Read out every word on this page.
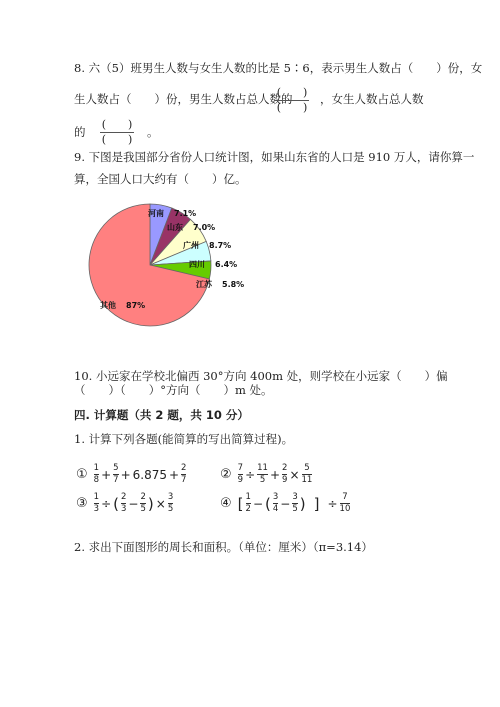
8. 六（5）班男生人数与女生人数的比是 5∶6，表示男生人数占（　　）份，女
生人数占（　　）份，男生人数占总人数的
(　　)
(　　)
，女生人数占总人数
的
(　　)
(　　)
。
9. 下图是我国部分省份人口统计图，如果山东省的人口是 910 万人，请你算一
算，全国人口大约有（　　）亿。
河南 7.1%
山东 7.0%
广州 8.7%
四川 6.4%
江苏 5.8%
其他 87%
10. 小远家在学校北偏西 30°方向 400m 处，则学校在小远家（　　）偏
（　　）（　　）°方向（　　）m 处。
四. 计算题（共 2 题，共 10 分）
1. 计算下列各题(能简算的写出简算过程)。
① $\frac{1}{8} + \frac{5}{7} + 6.875 + \frac{2}{7}$	② $\frac{7}{9} \div \frac{11}{5} + \frac{2}{9} \times \frac{5}{11}$
③ $\frac{1}{3}$ ÷ ( $\frac{2}{3} - \frac{2}{5}$ ) × $\frac{3}{5}$	④ [ $\frac{1}{2}$ − ( $\frac{3}{4} - \frac{3}{5}$ ) ] ÷ $\frac{7}{10}$
2. 求出下面图形的周长和面积。（单位：厘米）（π=3.14）
